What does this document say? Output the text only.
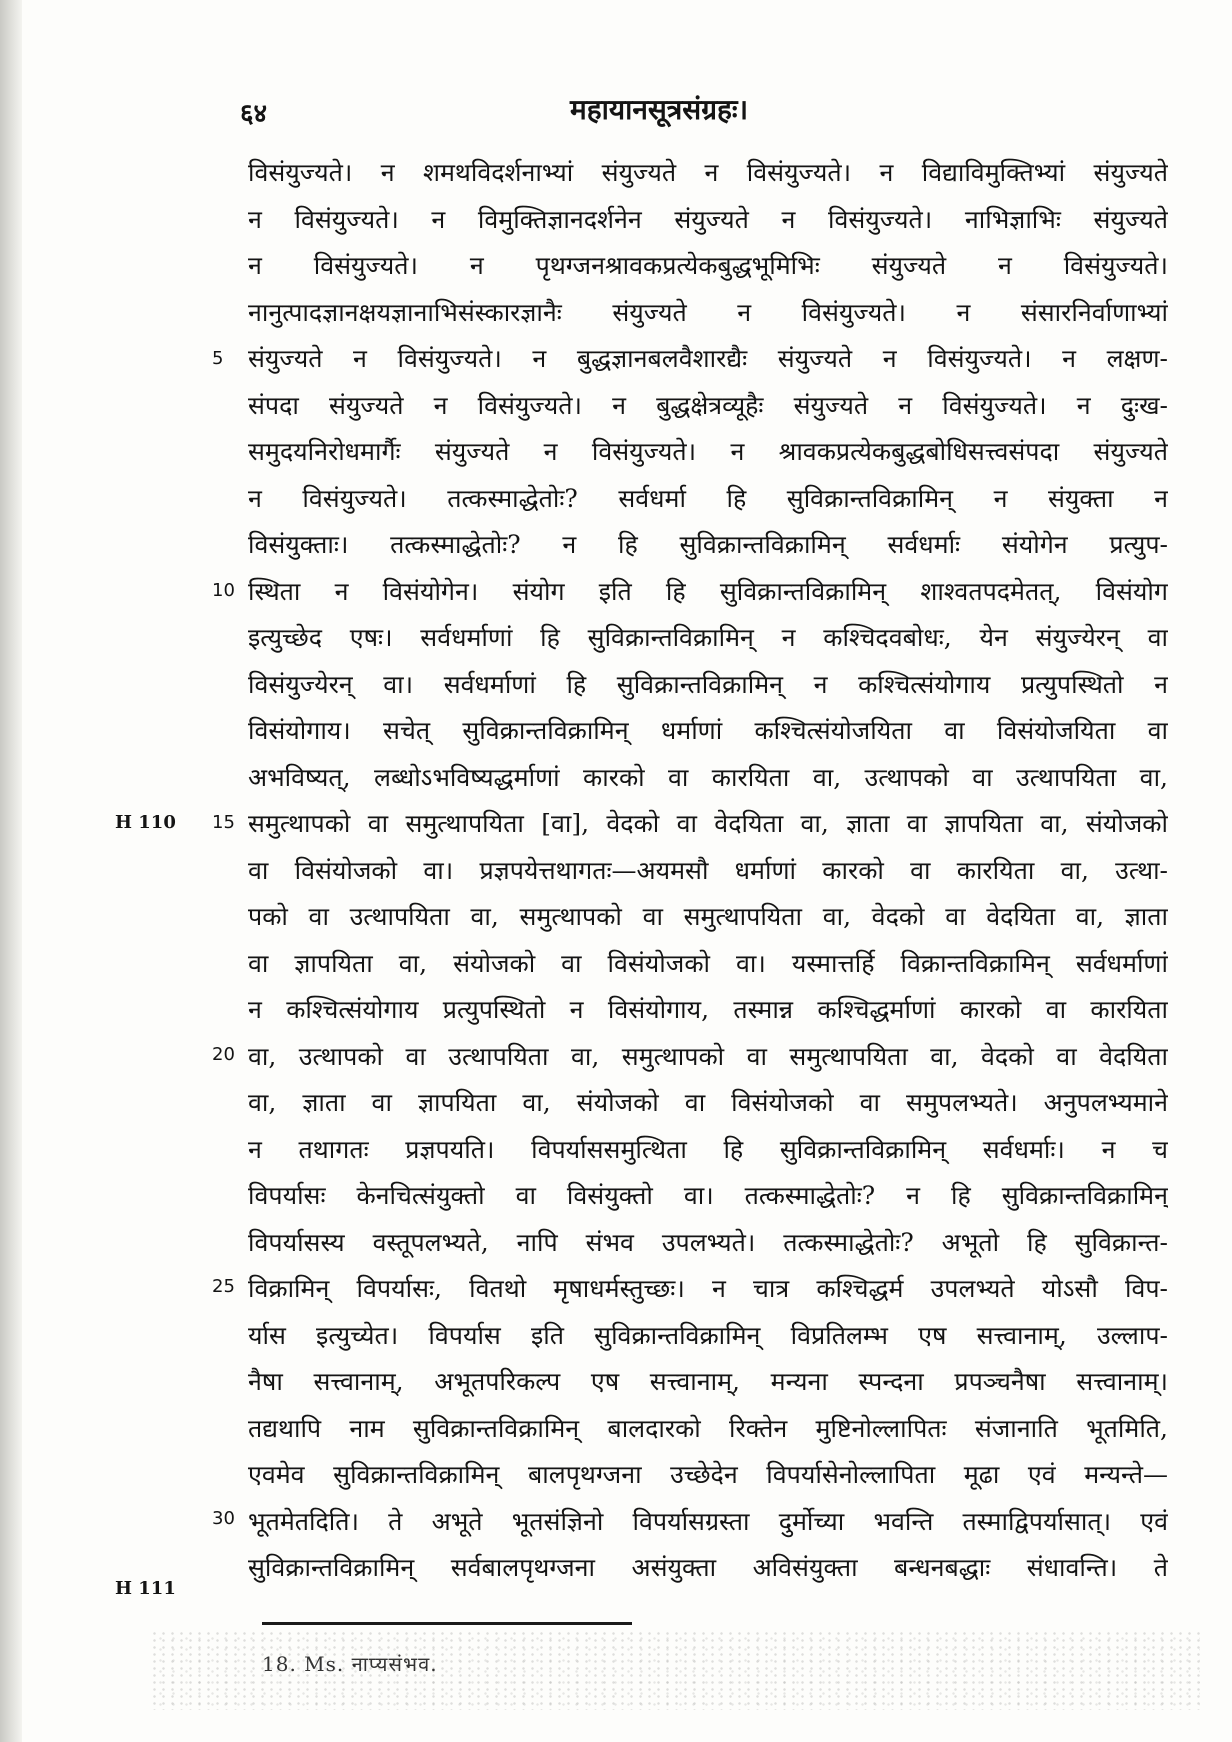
६४	महायानसूत्रसंग्रहः।
विसंयुज्यते। न शमथविदर्शनाभ्यां संयुज्यते न विसंयुज्यते। न विद्याविमुक्तिभ्यां संयुज्यते
न विसंयुज्यते। न विमुक्तिज्ञानदर्शनेन संयुज्यते न विसंयुज्यते। नाभिज्ञाभिः संयुज्यते
न विसंयुज्यते। न पृथग्जनश्रावकप्रत्येकबुद्धभूमिभिः संयुज्यते न विसंयुज्यते।
नानुत्पादज्ञानक्षयज्ञानाभिसंस्कारज्ञानैः संयुज्यते न विसंयुज्यते। न संसारनिर्वाणाभ्यां
संयुज्यते न विसंयुज्यते। न बुद्धज्ञानबलवैशारद्यैः संयुज्यते न विसंयुज्यते। न लक्षण-
संपदा संयुज्यते न विसंयुज्यते। न बुद्धक्षेत्रव्यूहैः संयुज्यते न विसंयुज्यते। न दुःख-
समुदयनिरोधमार्गैः संयुज्यते न विसंयुज्यते। न श्रावकप्रत्येकबुद्धबोधिसत्त्वसंपदा संयुज्यते
न विसंयुज्यते। तत्कस्माद्धेतोः? सर्वधर्मा हि सुविक्रान्तविक्रामिन् न संयुक्ता न
विसंयुक्ताः। तत्कस्माद्धेतोः? न हि सुविक्रान्तविक्रामिन् सर्वधर्माः संयोगेन प्रत्युप-
स्थिता न विसंयोगेन। संयोग इति हि सुविक्रान्तविक्रामिन् शाश्वतपदमेतत्, विसंयोग
इत्युच्छेद एषः। सर्वधर्माणां हि सुविक्रान्तविक्रामिन् न कश्चिदवबोधः, येन संयुज्येरन् वा
विसंयुज्येरन् वा। सर्वधर्माणां हि सुविक्रान्तविक्रामिन् न कश्चित्संयोगाय प्रत्युपस्थितो न
विसंयोगाय। सचेत् सुविक्रान्तविक्रामिन् धर्माणां कश्चित्संयोजयिता वा विसंयोजयिता वा
अभविष्यत्, लब्धोऽभविष्यद्धर्माणां कारको वा कारयिता वा, उत्थापको वा उत्थापयिता वा,
समुत्थापको वा समुत्थापयिता [वा], वेदको वा वेदयिता वा, ज्ञाता वा ज्ञापयिता वा, संयोजको
वा विसंयोजको वा। प्रज्ञपयेत्तथागतः—अयमसौ धर्माणां कारको वा कारयिता वा, उत्था-
पको वा उत्थापयिता वा, समुत्थापको वा समुत्थापयिता वा, वेदको वा वेदयिता वा, ज्ञाता
वा ज्ञापयिता वा, संयोजको वा विसंयोजको वा। यस्मात्तर्हि विक्रान्तविक्रामिन् सर्वधर्माणां
न कश्चित्संयोगाय प्रत्युपस्थितो न विसंयोगाय, तस्मान्न कश्चिद्धर्माणां कारको वा कारयिता
वा, उत्थापको वा उत्थापयिता वा, समुत्थापको वा समुत्थापयिता वा, वेदको वा वेदयिता
वा, ज्ञाता वा ज्ञापयिता वा, संयोजको वा विसंयोजको वा समुपलभ्यते। अनुपलभ्यमाने
न तथागतः प्रज्ञपयति। विपर्याससमुत्थिता हि सुविक्रान्तविक्रामिन् सर्वधर्माः। न च
विपर्यासः केनचित्संयुक्तो वा विसंयुक्तो वा। तत्कस्माद्धेतोः? न हि सुविक्रान्तविक्रामिन्
विपर्यासस्य वस्तूपलभ्यते, नापि संभव उपलभ्यते। तत्कस्माद्धेतोः? अभूतो हि सुविक्रान्त-
विक्रामिन् विपर्यासः, वितथो मृषाधर्मस्तुच्छः। न चात्र कश्चिद्धर्म उपलभ्यते योऽसौ विप-
र्यास इत्युच्येत। विपर्यास इति सुविक्रान्तविक्रामिन् विप्रतिलम्भ एष सत्त्वानाम्, उल्लाप-
नैषा सत्त्वानाम्, अभूतपरिकल्प एष सत्त्वानाम्, मन्यना स्पन्दना प्रपञ्चनैषा सत्त्वानाम्।
तद्यथापि नाम सुविक्रान्तविक्रामिन् बालदारको रिक्तेन मुष्टिनोल्लापितः संजानाति भूतमिति,
एवमेव सुविक्रान्तविक्रामिन् बालपृथग्जना उच्छेदेन विपर्यासेनोल्लापिता मूढा एवं मन्यन्ते—
भूतमेतदिति। ते अभूते भूतसंज्ञिनो विपर्यासग्रस्ता दुर्मोच्या भवन्ति तस्माद्विपर्यासात्। एवं
सुविक्रान्तविक्रामिन् सर्वबालपृथग्जना असंयुक्ता अविसंयुक्ता बन्धनबद्धाः संधावन्ति। ते
5
10
15
20
25
30
H 110
H 111
18. Ms. नाप्यसंभव.
